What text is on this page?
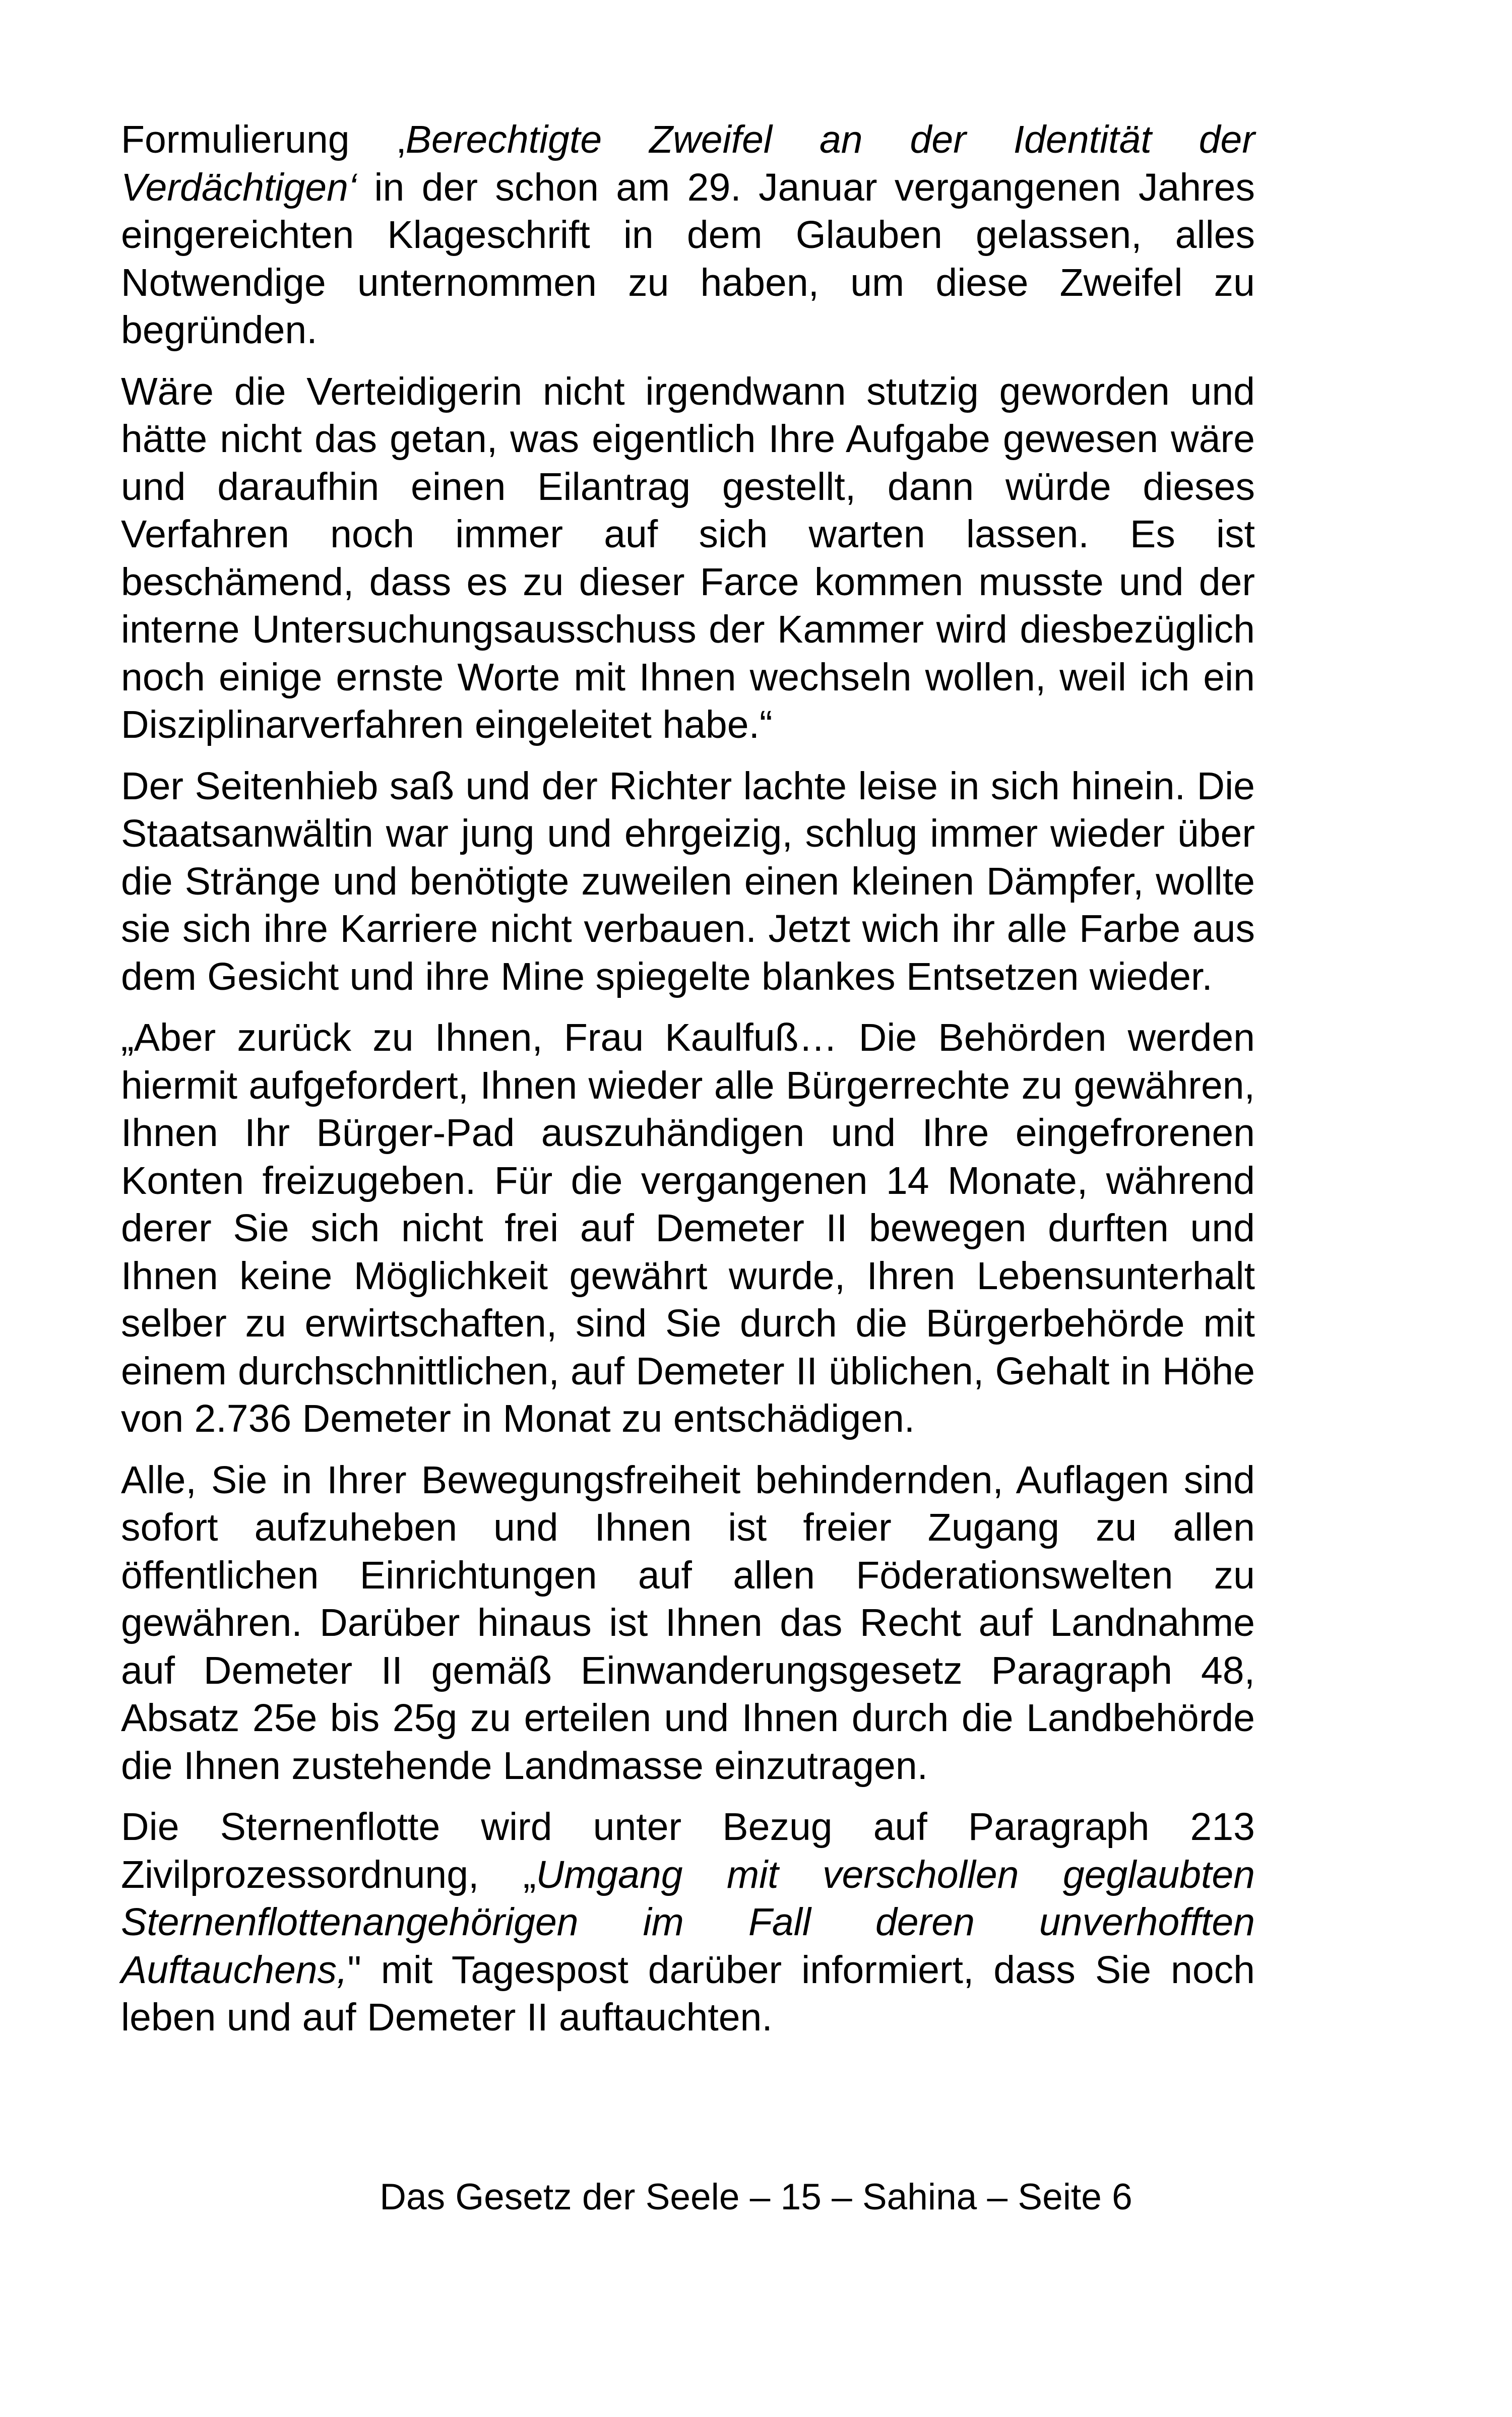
Formulierung ‚Berechtigte Zweifel an der Identität der Verdächtigen‘ in der schon am 29. Januar vergangenen Jahres eingereichten Klageschrift in dem Glauben gelassen, alles Notwendige unternommen zu haben, um diese Zweifel zu begründen.

Wäre die Verteidigerin nicht irgendwann stutzig geworden und hätte nicht das getan, was eigentlich Ihre Aufgabe gewesen wäre und daraufhin einen Eilantrag gestellt, dann würde dieses Verfahren noch immer auf sich warten lassen. Es ist beschämend, dass es zu dieser Farce kommen musste und der interne Untersuchungsausschuss der Kammer wird diesbezüglich noch einige ernste Worte mit Ihnen wechseln wollen, weil ich ein Disziplinarverfahren eingeleitet habe.“

Der Seitenhieb saß und der Richter lachte leise in sich hinein. Die Staatsanwältin war jung und ehrgeizig, schlug immer wieder über die Stränge und benötigte zuweilen einen kleinen Dämpfer, wollte sie sich ihre Karriere nicht verbauen. Jetzt wich ihr alle Farbe aus dem Gesicht und ihre Mine spiegelte blankes Entsetzen wieder.

„Aber zurück zu Ihnen, Frau Kaulfuß… Die Behörden werden hiermit aufgefordert, Ihnen wieder alle Bürgerrechte zu gewähren, Ihnen Ihr Bürger-Pad auszuhändigen und Ihre eingefrorenen Konten freizugeben. Für die vergangenen 14 Monate, während derer Sie sich nicht frei auf Demeter II bewegen durften und Ihnen keine Möglichkeit gewährt wurde, Ihren Lebensunterhalt selber zu erwirtschaften, sind Sie durch die Bürgerbehörde mit einem durchschnittlichen, auf Demeter II üblichen, Gehalt in Höhe von 2.736 Demeter in Monat zu entschädigen.

Alle, Sie in Ihrer Bewegungsfreiheit behindernden, Auflagen sind sofort aufzuheben und Ihnen ist freier Zugang zu allen öffentlichen Einrichtungen auf allen Föderationswelten zu gewähren. Darüber hinaus ist Ihnen das Recht auf Landnahme auf Demeter II gemäß Einwanderungsgesetz Paragraph 48, Absatz 25e bis 25g zu erteilen und Ihnen durch die Landbehörde die Ihnen zustehende Landmasse einzutragen.

Die Sternenflotte wird unter Bezug auf Paragraph 213 Zivilprozessordnung, „Umgang mit verschollen geglaubten Sternenflottenangehörigen im Fall deren unverhofften Auftauchens," mit Tagespost darüber informiert, dass Sie noch leben und auf Demeter II auftauchten.

Das Gesetz der Seele – 15 – Sahina – Seite 6
